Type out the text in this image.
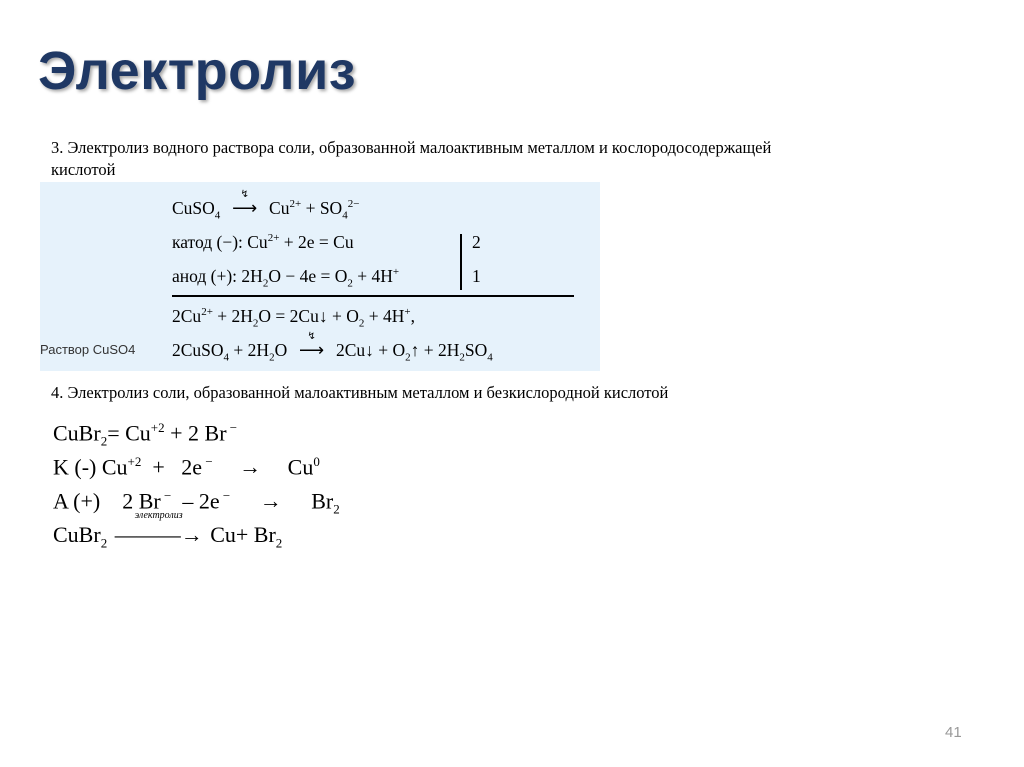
Электролиз
3. Электролиз водного раствора соли, образованной малоактивным металлом и кослородосодержащей кислотой
CuSO$_4$
↯
⟶ $Cu^{2+} + SO_4^{2-}$
катод (−): $Cu^{2+} + 2e = Cu$	2
анод (+): $2H_2O - 4e = O_2 + 4H^+$	1
$2Cu^{2+} + 2H_2O$ = 2Cu↓ + $O_2 + 4H^+$,
2CuSO$_4$ + $2H_2O$
↯
⟶ 2Cu↓ + $O_2↑ + 2H_2SO_4$
Раствор CuSO4
4. Электролиз соли, образованной малоактивным металлом и безкислородной кислотой
CuBr$_2$= $Cu^{+2} + 2$ Br −
K (-) $Cu^{+2} + 2e$ $^- \to Cu^0$
A (+)    2 Br −  – 2e $^- \to Br_2$
CuBr$_2$
электролиз
———→ $Cu+ Br_2$
41
